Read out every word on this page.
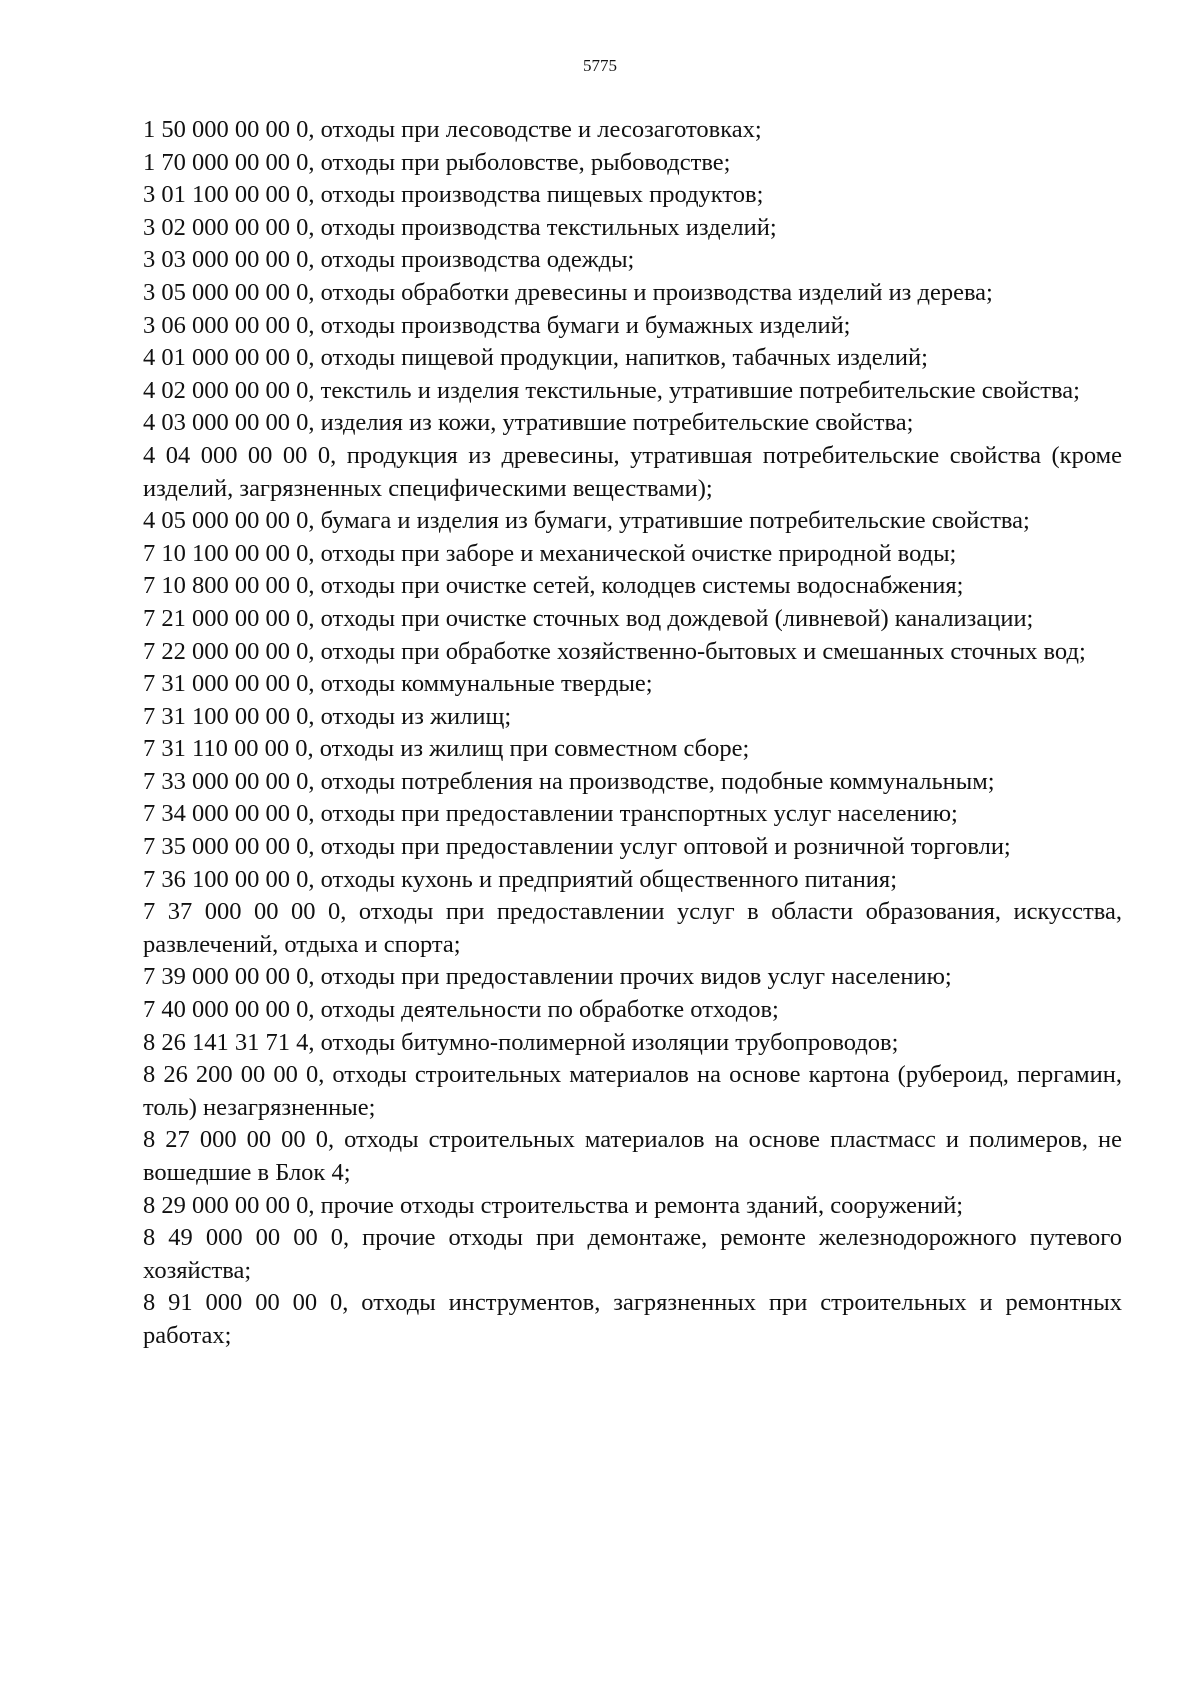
5775

1 50 000 00 00 0, отходы при лесоводстве и лесозаготовках;

1 70 000 00 00 0, отходы при рыболовстве, рыбоводстве;

3 01 100 00 00 0, отходы производства пищевых продуктов;

3 02 000 00 00 0, отходы производства текстильных изделий;

3 03 000 00 00 0, отходы производства одежды;

3 05 000 00 00 0, отходы обработки древесины и производства изделий из дерева;

3 06 000 00 00 0, отходы производства бумаги и бумажных изделий;

4 01 000 00 00 0, отходы пищевой продукции, напитков, табачных изделий;

4 02 000 00 00 0, текстиль и изделия текстильные, утратившие потребительские свойства;

4 03 000 00 00 0, изделия из кожи, утратившие потребительские свойства;

4 04 000 00 00 0, продукция из древесины, утратившая потребительские свойства (кроме изделий, загрязненных специфическими веществами);

4 05 000 00 00 0, бумага и изделия из бумаги, утратившие потребительские свойства;

7 10 100 00 00 0, отходы при заборе и механической очистке природной воды;

7 10 800 00 00 0, отходы при очистке сетей, колодцев системы водоснабжения;

7 21 000 00 00 0, отходы при очистке сточных вод дождевой (ливневой) канализации;

7 22 000 00 00 0, отходы при обработке хозяйственно-бытовых и смешанных сточных вод;

7 31 000 00 00 0, отходы коммунальные твердые;

7 31 100 00 00 0, отходы из жилищ;

7 31 110 00 00 0, отходы из жилищ при совместном сборе;

7 33 000 00 00 0, отходы потребления на производстве, подобные коммунальным;

7 34 000 00 00 0, отходы при предоставлении транспортных услуг населению;

7 35 000 00 00 0, отходы при предоставлении услуг оптовой и розничной торговли;

7 36 100 00 00 0, отходы кухонь и предприятий общественного питания;

7 37 000 00 00 0, отходы при предоставлении услуг в области образования, искусства, развлечений, отдыха и спорта;

7 39 000 00 00 0, отходы при предоставлении прочих видов услуг населению;

7 40 000 00 00 0, отходы деятельности по обработке отходов;

8 26 141 31 71 4, отходы битумно-полимерной изоляции трубопроводов;

8 26 200 00 00 0, отходы строительных материалов на основе картона (рубероид, пергамин, толь) незагрязненные;

8 27 000 00 00 0, отходы строительных материалов на основе пластмасс и полимеров, не вошедшие в Блок 4;

8 29 000 00 00 0, прочие отходы строительства и ремонта зданий, сооружений;

8 49 000 00 00 0, прочие отходы при демонтаже, ремонте железнодорожного путевого хозяйства;

8 91 000 00 00 0, отходы инструментов, загрязненных при строительных и ремонтных работах;
